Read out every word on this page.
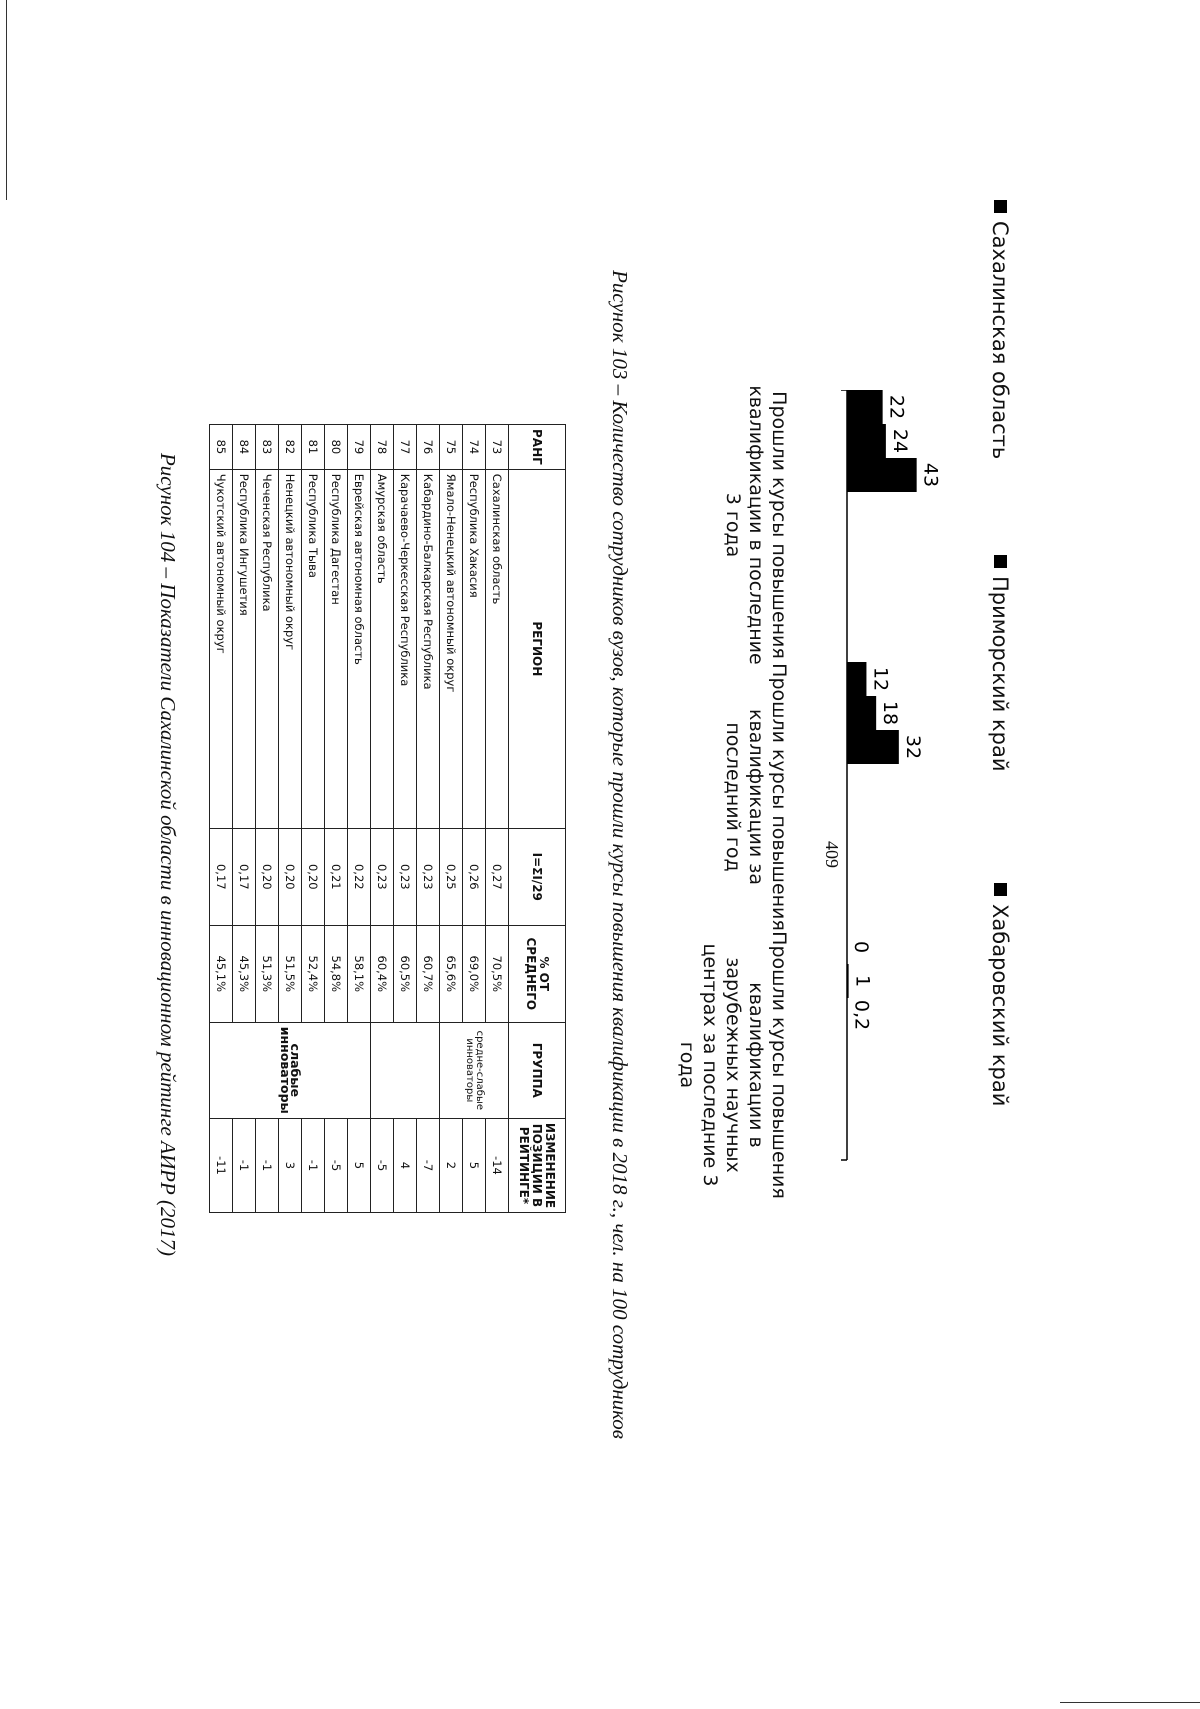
409
Сахалинская область
Приморский край
Хабаровский край
22
24
43
12
18
32
0
1
0,2
Прошли курсы повышения квалификации в последние 3 года
Прошли курсы повышения квалификации за последний год
Прошли курсы повышения квалификации в зарубежных научных центрах за последние 3 года
Рисунок 103 – Количество сотрудников вузов, которые прошли курсы повышения квалификации в 2018 г., чел. на 100 сотрудников
РАНГ	РЕГИОН	I=ΣI/29	% ОТ СРЕДНЕГО	ГРУППА	ИЗМЕНЕНИЕ ПОЗИЦИИ В РЕЙТИНГЕ*
73	Сахалинская область	0,27	70,5%	средне-слабые инноваторы	-14
74	Республика Хакасия	0,26	69,0%		5
75	Ямало-Ненецкий автономный округ	0,25	65,6%		2
76	Кабардино-Балкарская Республика	0,23	60,7%		-7
77	Карачаево-Черкесская Республика	0,23	60,5%		4
78	Амурская область	0,23	60,4%		-5
79	Еврейская автономная область	0,22	58,1%	слабые инноваторы	5
80	Республика Дагестан	0,21	54,8%		-5
81	Республика Тыва	0,20	52,4%		-1
82	Ненецкий автономный округ	0,20	51,5%		3
83	Чеченская Республика	0,20	51,3%		-1
84	Республика Ингушетия	0,17	45,3%		-1
85	Чукотский автономный округ	0,17	45,1%		-11
Рисунок 104 – Показатели Сахалинской области в инновационном рейтинге АИРР (2017)
